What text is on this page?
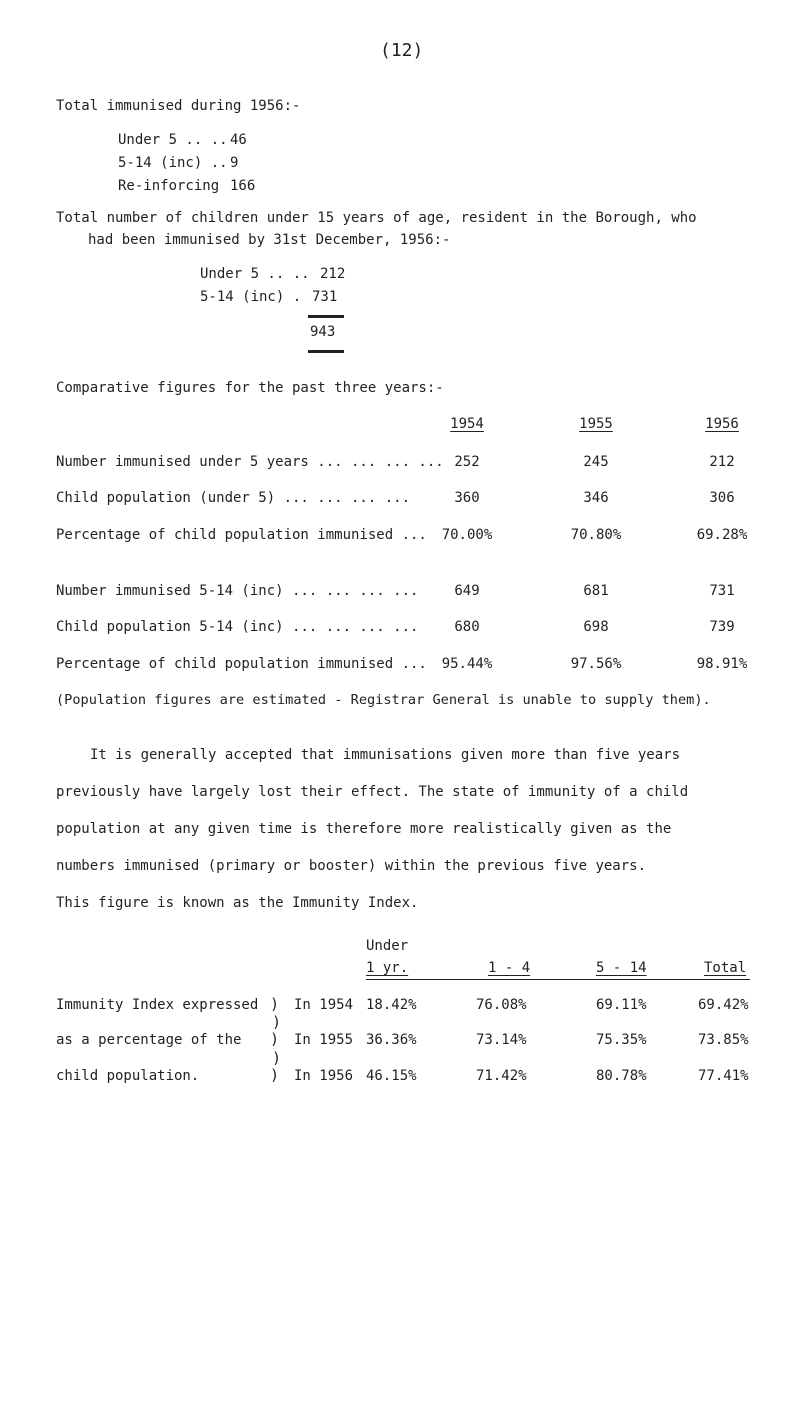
(12)
Total immunised during 1956:-
Under 5 .. .. 46
5-14 (inc) .. 9
Re-inforcing 166
Total number of children under 15 years of age, resident in the Borough, who
had been immunised by 31st December, 1956:-
Under 5 .. .. 212
5-14 (inc) . 731
943
Comparative figures for the past three years:-
1954	1955	1956
Number immunised under 5 years ... ... ... ... 252	245	212
Child population (under 5) ... ... ... ...	360	346	306
Percentage of child population immunised ...	70.00%	70.80%	69.28%
Number immunised 5-14 (inc) ... ... ... ...	649	681	731
Child population 5-14 (inc) ... ... ... ...	680	698	739
Percentage of child population immunised ...	95.44%	97.56%	98.91%
(Population figures are estimated - Registrar General is unable to supply them).
It is generally accepted that immunisations given more than five years
previously have largely lost their effect. The state of immunity of a child
population at any given time is therefore more realistically given as the
numbers immunised (primary or booster) within the previous five years.
This figure is known as the Immunity Index.
Under
1 yr.	1 - 4	5 - 14	Total
Immunity Index expressed
as a percentage of the
child population.
)
)
)
)
)
In 1954 18.42%	76.08%	69.11%	69.42%
In 1955 36.36%	73.14%	75.35%	73.85%
In 1956 46.15%	71.42%	80.78%	77.41%
